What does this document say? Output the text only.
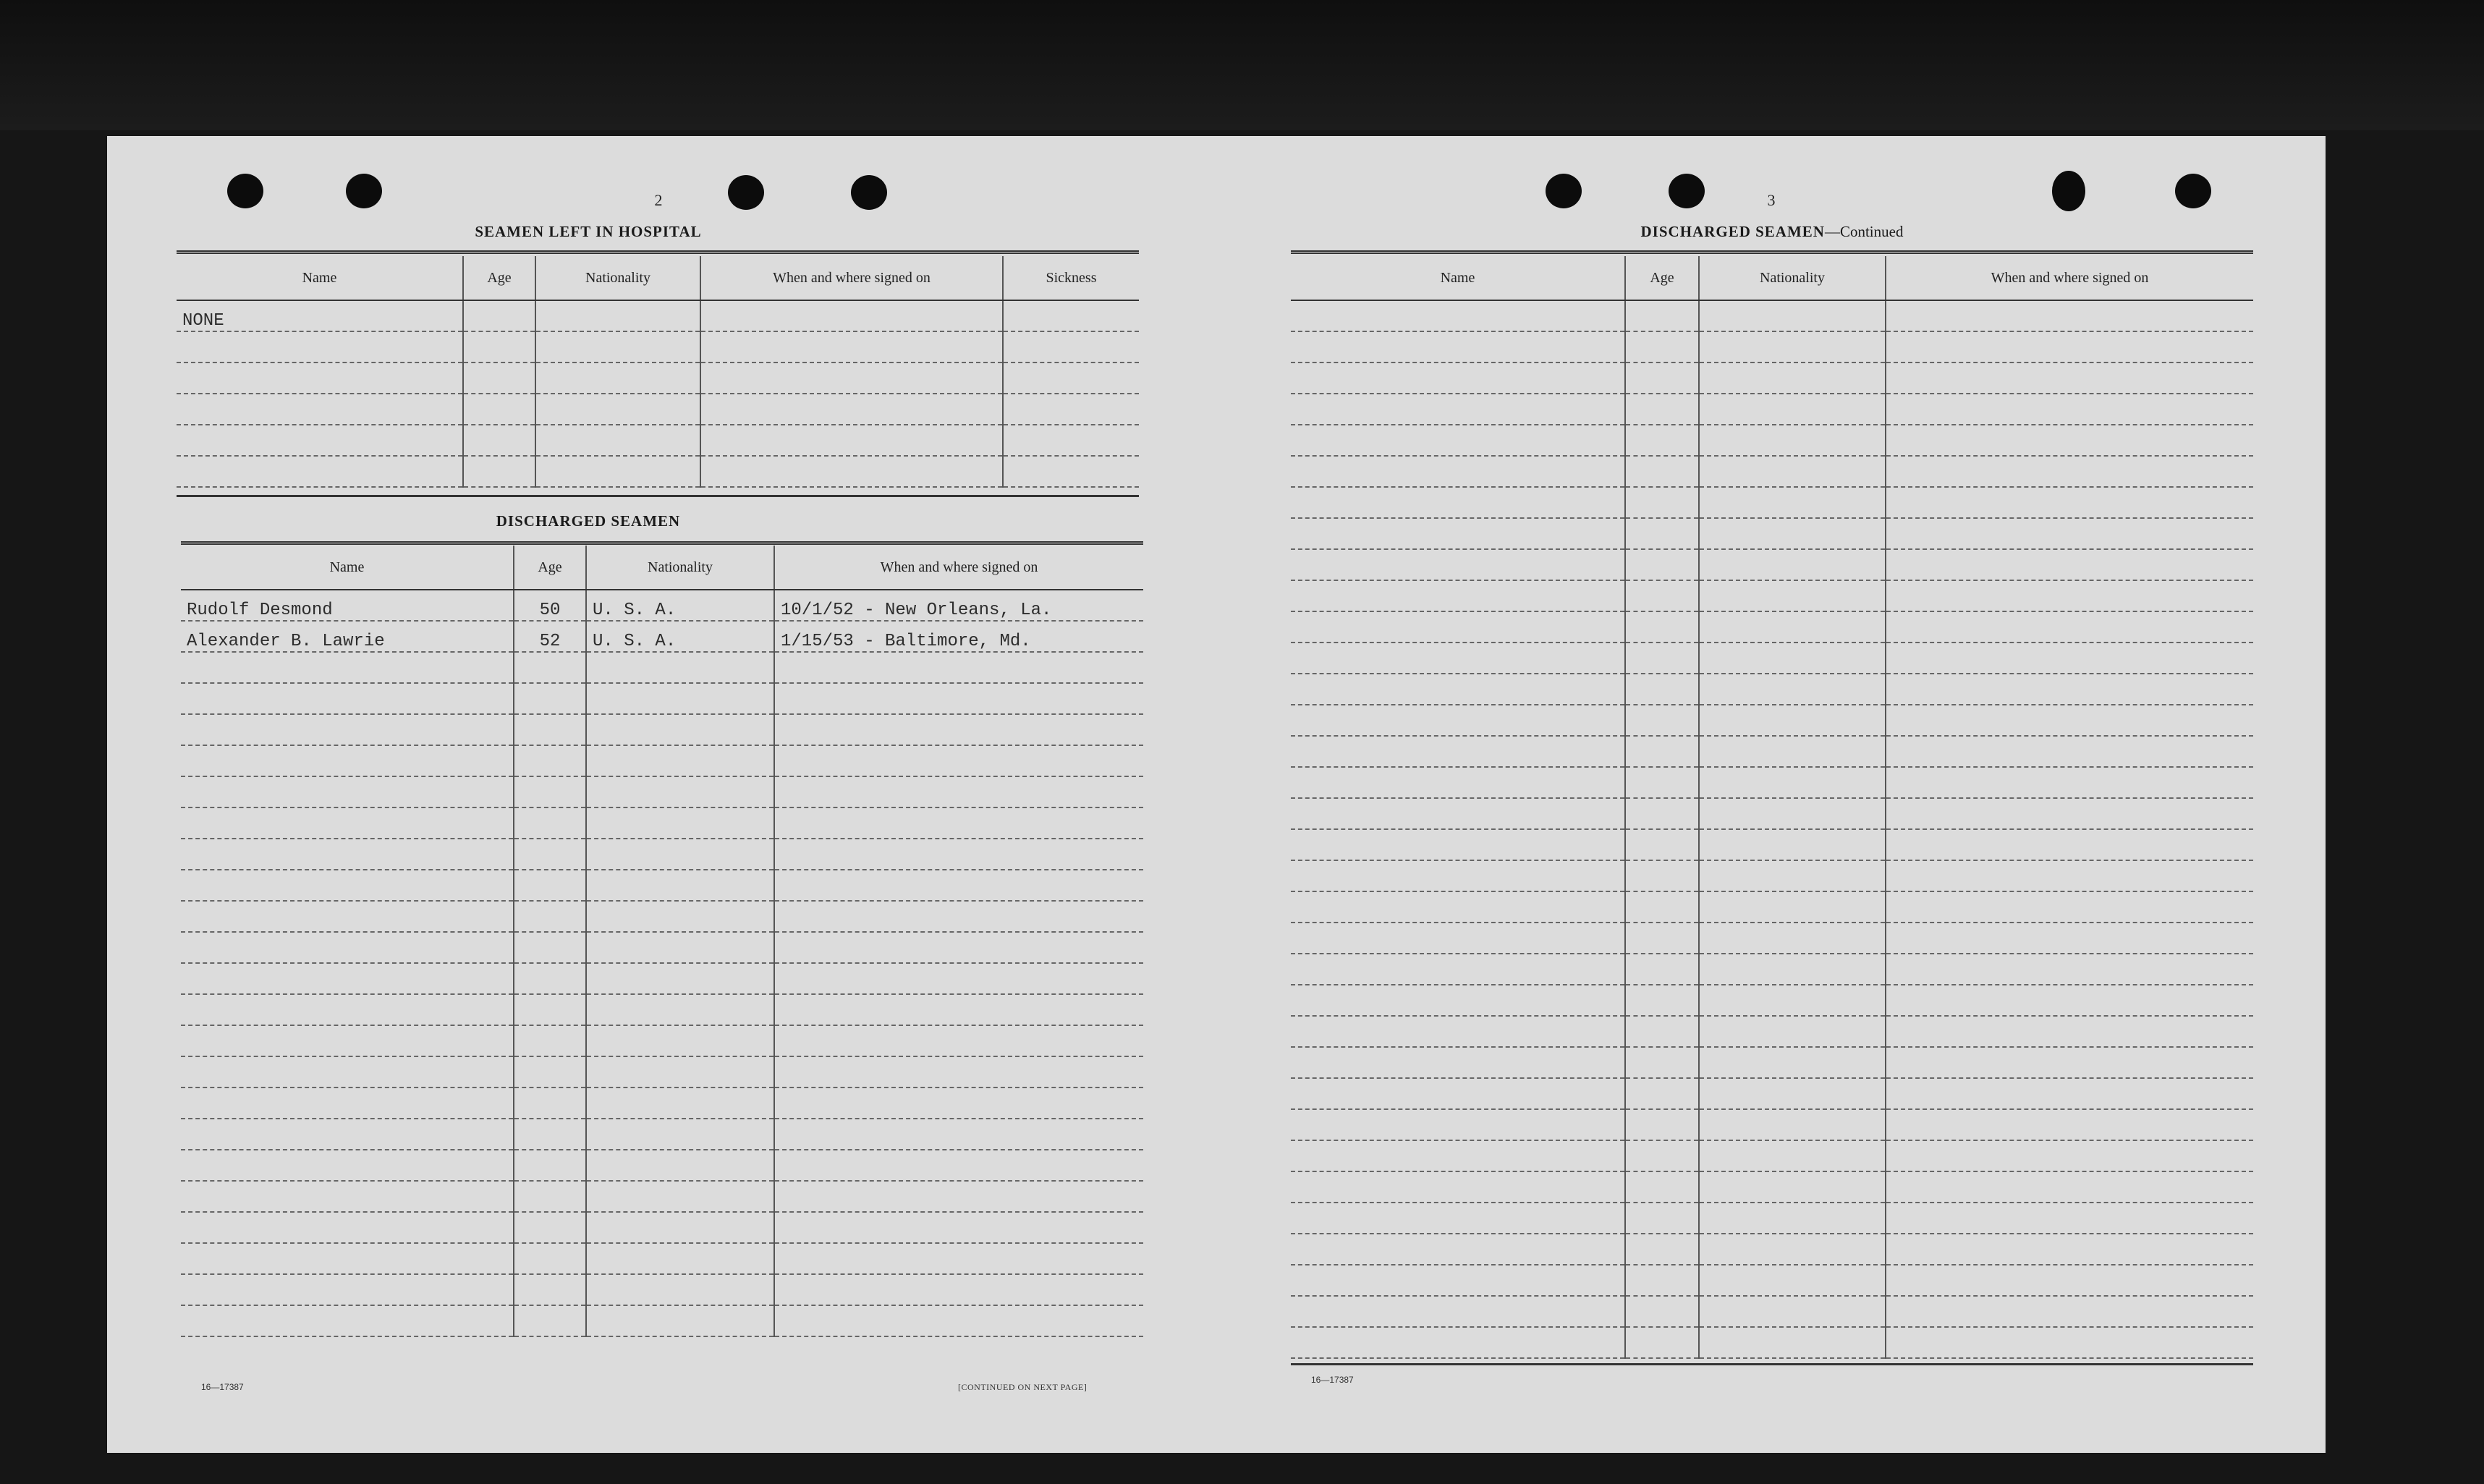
2
SEAMEN LEFT IN HOSPITAL
Name	Age	Nationality	When and where signed on	Sickness
NONE				

DISCHARGED SEAMEN
Name	Age	Nationality	When and where signed on
Rudolf Desmond	50	U. S. A.	10/1/52 - New Orleans, La.
Alexander B. Lawrie	52	U. S. A.	1/15/53 - Baltimore, Md.

16—17387	[CONTINUED ON NEXT PAGE]
3
DISCHARGED SEAMEN—Continued
Name	Age	Nationality	When and where signed on

16—17387
